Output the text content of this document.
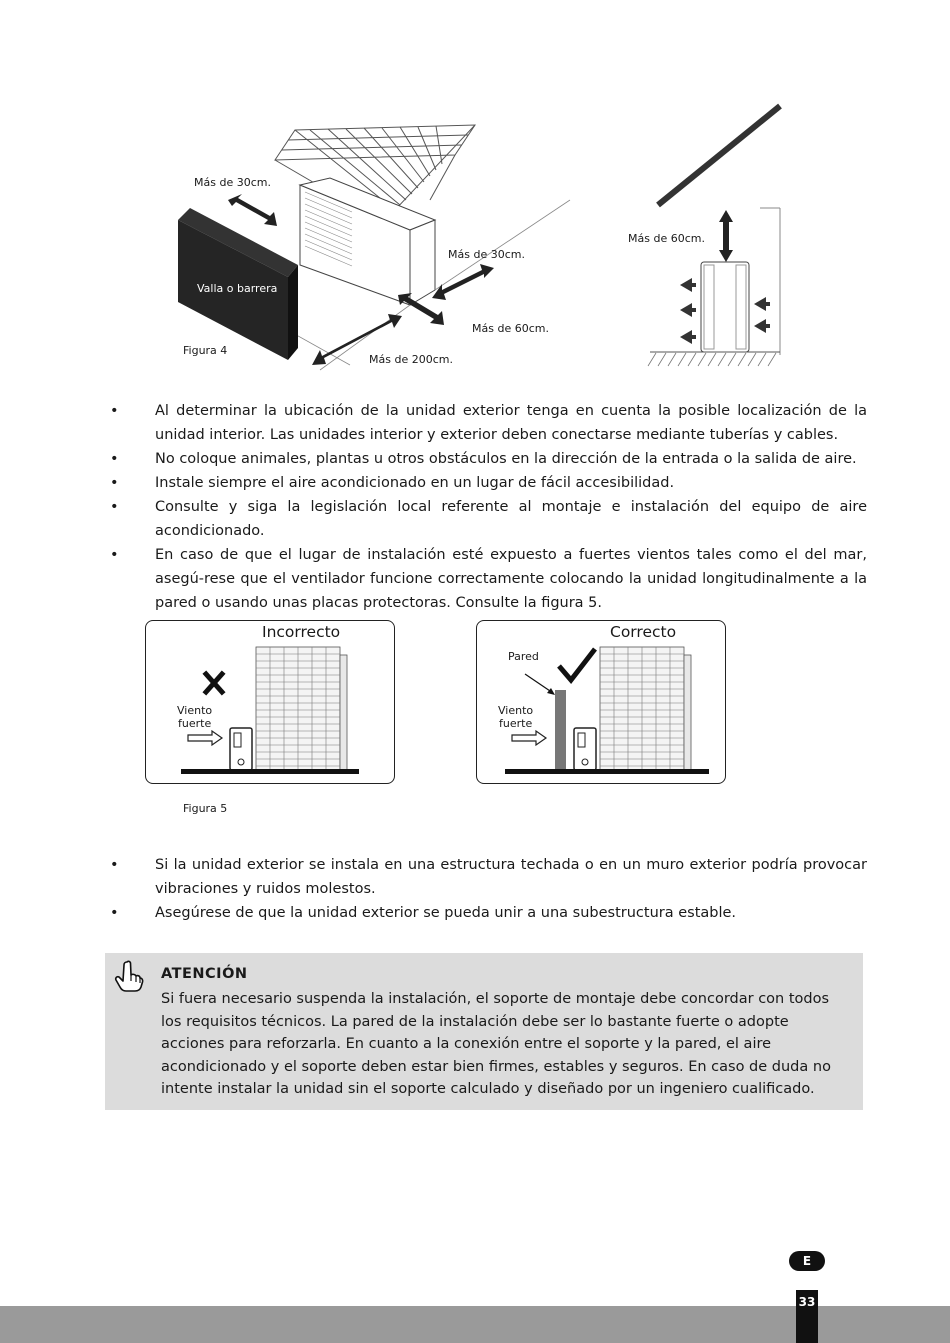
Más de 30cm.
Valla o barrera
Más de 30cm.
Más de 60cm.
Más de 200cm.
Figura 4
Más de 60cm.
•	Al determinar la ubicación de la unidad exterior tenga en cuenta la posible localización de la unidad interior. Las unidades interior y exterior deben conectarse mediante tuberías y cables.
•	No coloque animales, plantas u otros obstáculos en la dirección de la entrada o la salida de aire.
•	Instale siempre el aire acondicionado en un lugar de fácil accesibilidad.
•	Consulte y siga la legislación local referente al montaje e instalación del equipo de aire acondicionado.
•	En caso de que el lugar de instalación esté expuesto a fuertes vientos tales como el del mar, asegú-rese que el ventilador funcione correctamente colocando la unidad longitudinalmente a la pared o usando unas placas protectoras. Consulte la figura 5.
Incorrecto
Viento
fuerte
Correcto
Pared
Viento
fuerte
Figura 5
•	Si la unidad exterior se instala en una estructura techada o en un muro exterior podría provocar vibraciones y ruidos molestos.
•	Asegúrese de que la unidad exterior se pueda unir a una subestructura estable.
ATENCIÓN
Si fuera necesario suspenda la instalación, el soporte de montaje debe concordar con todos los requisitos técnicos. La pared de la instalación debe ser lo bastante fuerte o adopte acciones para reforzarla. En cuanto a la conexión entre el soporte y la pared, el aire acondicionado y el soporte deben estar bien firmes, estables y seguros. En caso de duda no intente instalar la unidad sin el soporte calculado y diseñado por un ingeniero cualificado.
E
33
